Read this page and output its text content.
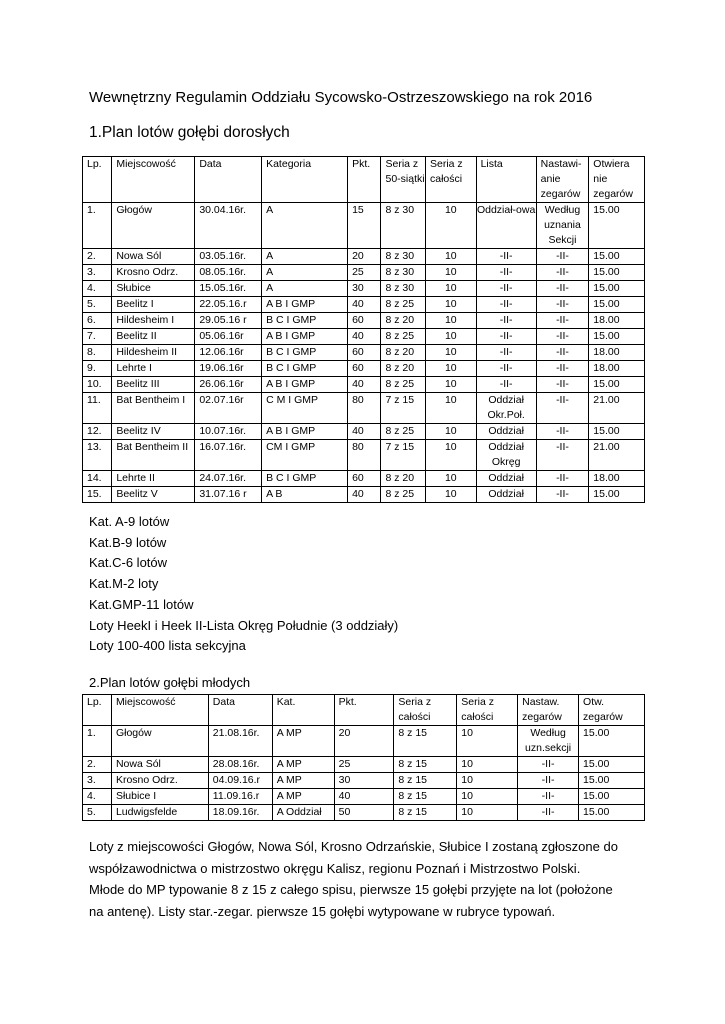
Wewnętrzny Regulamin Oddziału Sycowsko-Ostrzeszowskiego na rok 2016
1.Plan lotów gołębi dorosłych
Lp.	Miejscowość	Data	Kategoria	Pkt.	Seria z 50-siątki	Seria z całości	Lista	Nastawi-anie zegarów	Otwiera nie zegarów
1.	Głogów	30.04.16r.	A	15	8 z 30	10	Oddział-owa	Według uznania Sekcji	15.00
2.	Nowa Sól	03.05.16r.	A	20	8 z 30	10	-II-	-II-	15.00
3.	Krosno Odrz.	08.05.16r.	A	25	8 z 30	10	-II-	-II-	15.00
4.	Słubice	15.05.16r.	A	30	8 z 30	10	-II-	-II-	15.00
5.	Beelitz I	22.05.16.r	A B I GMP	40	8 z 25	10	-II-	-II-	15.00
6.	Hildesheim I	29.05.16 r	B C I GMP	60	8 z 20	10	-II-	-II-	18.00
7.	Beelitz II	05.06.16r	A B I GMP	40	8 z 25	10	-II-	-II-	15.00
8.	Hildesheim II	12.06.16r	B C I GMP	60	8 z 20	10	-II-	-II-	18.00
9.	Lehrte I	19.06.16r	B C I GMP	60	8 z 20	10	-II-	-II-	18.00
10.	Beelitz III	26.06.16r	A B I GMP	40	8 z 25	10	-II-	-II-	15.00
11.	Bat Bentheim I	02.07.16r	C M I GMP	80	7 z 15	10	Oddział Okr.Poł.	-II-	21.00
12.	Beelitz IV	10.07.16r.	A B I GMP	40	8 z 25	10	Oddział	-II-	15.00
13.	Bat Bentheim II	16.07.16r.	CM I GMP	80	7 z 15	10	Oddział Okręg	-II-	21.00
14.	Lehrte II	24.07.16r.	B C I GMP	60	8 z 20	10	Oddział	-II-	18.00
15.	Beelitz V	31.07.16 r	A B	40	8 z 25	10	Oddział	-II-	15.00
Kat. A-9 lotów
Kat.B-9 lotów
Kat.C-6 lotów
Kat.M-2 loty
Kat.GMP-11 lotów
Loty HeekI i Heek II-Lista Okręg Południe (3 oddziały)
Loty 100-400 lista sekcyjna
2.Plan lotów gołębi młodych
Lp.	Miejscowość	Data	Kat.	Pkt.	Seria z całości	Seria z całości	Nastaw. zegarów	Otw. zegarów
1.	Głogów	21.08.16r.	A MP	20	8 z 15	10	Według uzn.sekcji	15.00
2.	Nowa Sól	28.08.16r.	A MP	25	8 z 15	10	-II-	15.00
3.	Krosno Odrz.	04.09.16.r	A MP	30	8 z 15	10	-II-	15.00
4.	Słubice I	11.09.16.r	A MP	40	8 z 15	10	-II-	15.00
5.	Ludwigsfelde	18.09.16r.	A Oddział	50	8 z 15	10	-II-	15.00
Loty z miejscowości Głogów, Nowa Sól, Krosno Odrzańskie, Słubice I zostaną zgłoszone do
współzawodnictwa o mistrzostwo okręgu Kalisz, regionu Poznań i Mistrzostwo Polski.
Młode do MP typowanie 8 z 15 z całego spisu, pierwsze 15 gołębi przyjęte na lot (położone
na antenę). Listy star.-zegar. pierwsze 15 gołębi wytypowane w rubryce typowań.
